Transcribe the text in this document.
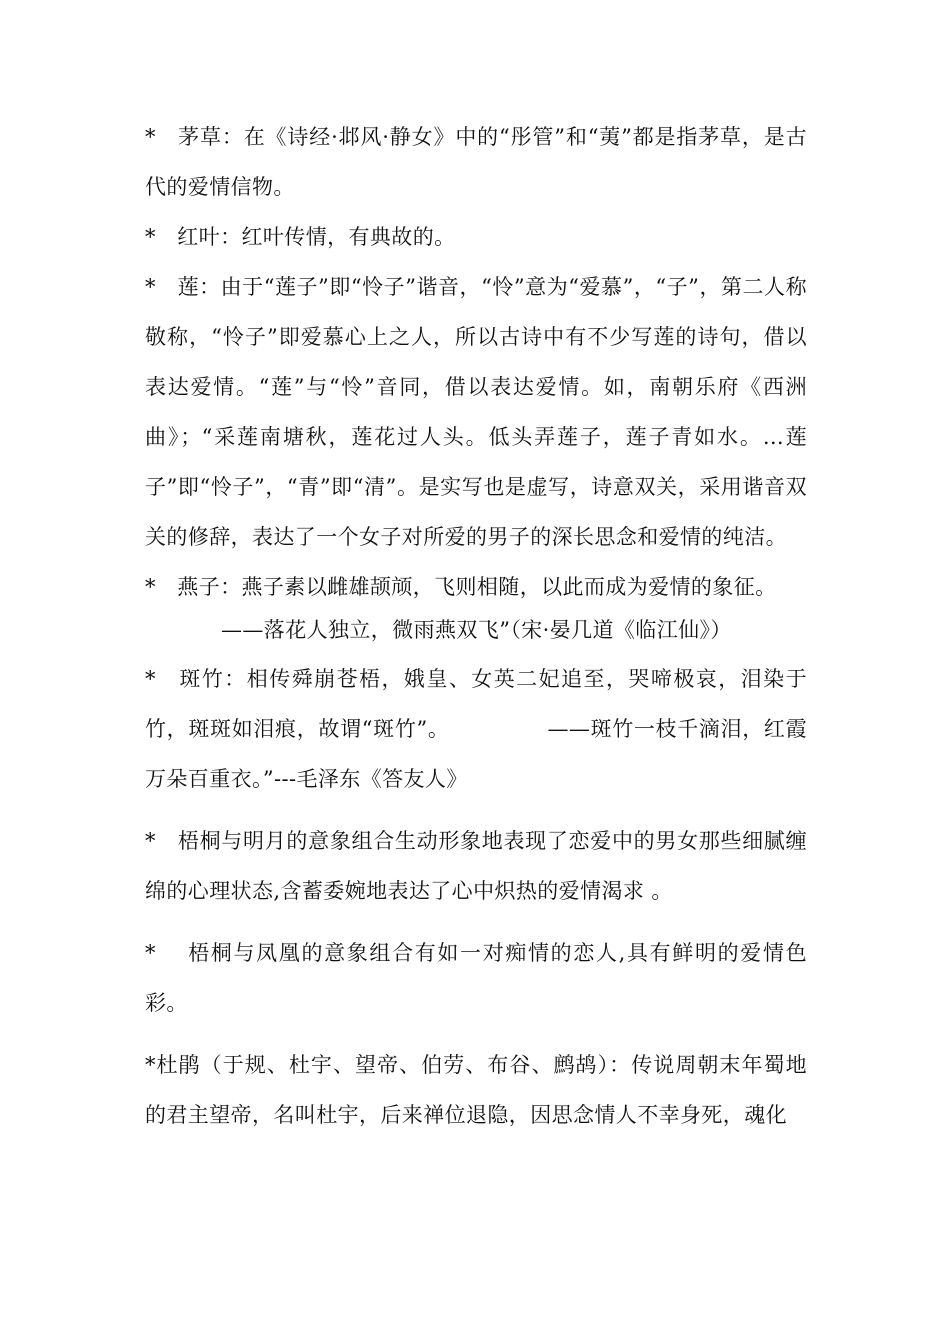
*　茅草：在《诗经·邶风·静女》中的“彤管”和“荑”都是指茅草，是古代的爱情信物。

*　红叶：红叶传情，有典故的。

*　莲：由于“莲子”即“怜子”谐音，“怜”意为“爱慕”，“子”，第二人称敬称，“怜子”即爱慕心上之人，所以古诗中有不少写莲的诗句，借以表达爱情。“莲”与“怜”音同，借以表达爱情。如，南朝乐府《西洲曲》；“采莲南塘秋，莲花过人头。低头弄莲子，莲子青如水。…莲子”即“怜子”，“青”即“清”。是实写也是虚写，诗意双关，采用谐音双关的修辞，表达了一个女子对所爱的男子的深长思念和爱情的纯洁。

*　燕子：燕子素以雌雄颉颃，飞则相随，以此而成为爱情的象征。

——落花人独立，微雨燕双飞”（宋·晏几道《临江仙》）

*　斑竹：相传舜崩苍梧，娥皇、女英二妃追至，哭啼极哀，泪染于竹，斑斑如泪痕，故谓“斑竹”。　　　　　——斑竹一枝千滴泪，红霞万朵百重衣。”---毛泽东《答友人》

*　梧桐与明月的意象组合生动形象地表现了恋爱中的男女那些细腻缠绵的心理状态,含蓄委婉地表达了心中炽热的爱情渴求 。

*　 梧桐与凤凰的意象组合有如一对痴情的恋人,具有鲜明的爱情色彩。

*杜鹃（于规、杜宇、望帝、伯劳、布谷、鹧鸪）：传说周朝末年蜀地的君主望帝，名叫杜宇，后来禅位退隐，因思念情人不幸身死，魂化
